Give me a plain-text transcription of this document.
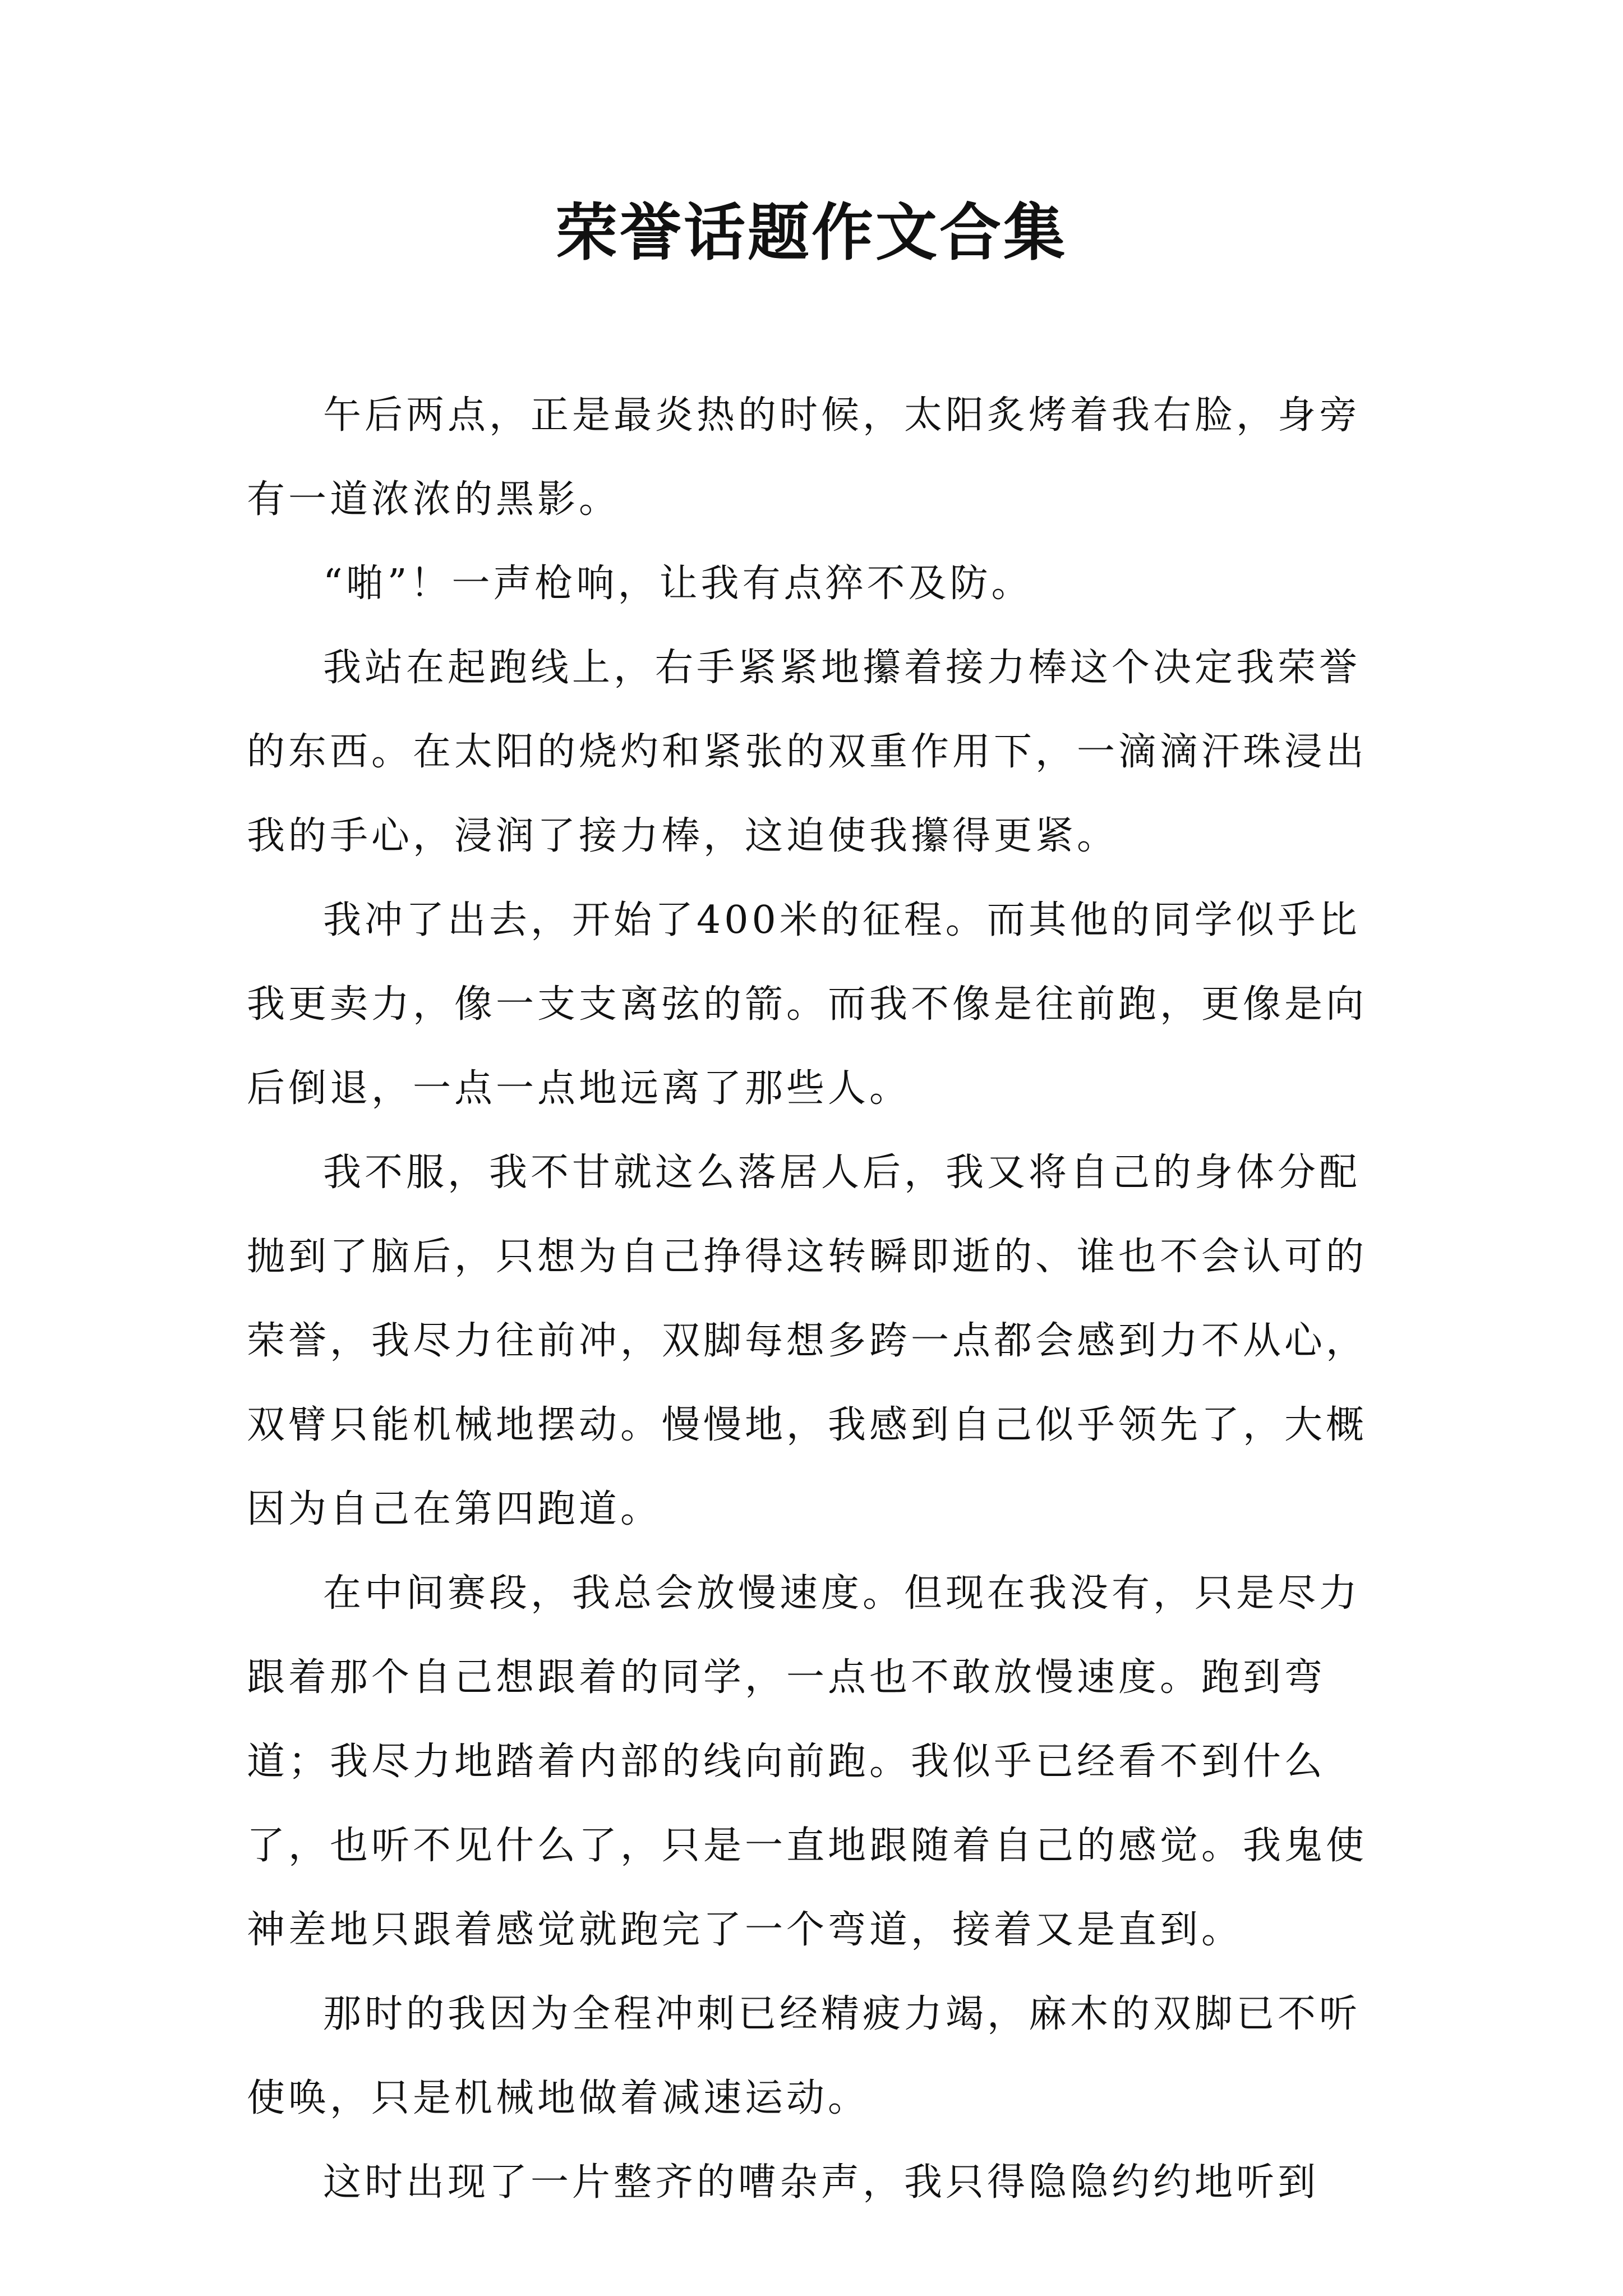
荣誉话题作文合集

午后两点，正是最炎热的时候，太阳炙烤着我右脸，身旁有一道浓浓的黑影。

“啪”！一声枪响，让我有点猝不及防。

我站在起跑线上，右手紧紧地攥着接力棒这个决定我荣誉的东西。在太阳的烧灼和紧张的双重作用下，一滴滴汗珠浸出我的手心，浸润了接力棒，这迫使我攥得更紧。

我冲了出去，开始了400米的征程。而其他的同学似乎比我更卖力，像一支支离弦的箭。而我不像是往前跑，更像是向后倒退，一点一点地远离了那些人。

我不服，我不甘就这么落居人后，我又将自己的身体分配抛到了脑后，只想为自己挣得这转瞬即逝的、谁也不会认可的荣誉，我尽力往前冲，双脚每想多跨一点都会感到力不从心，双臂只能机械地摆动。慢慢地，我感到自己似乎领先了，大概因为自己在第四跑道。

在中间赛段，我总会放慢速度。但现在我没有，只是尽力跟着那个自己想跟着的同学，一点也不敢放慢速度。跑到弯道；我尽力地踏着内部的线向前跑。我似乎已经看不到什么了，也听不见什么了，只是一直地跟随着自己的感觉。我鬼使神差地只跟着感觉就跑完了一个弯道，接着又是直到。

那时的我因为全程冲刺已经精疲力竭，麻木的双脚已不听使唤，只是机械地做着减速运动。

这时出现了一片整齐的嘈杂声，我只得隐隐约约地听到
